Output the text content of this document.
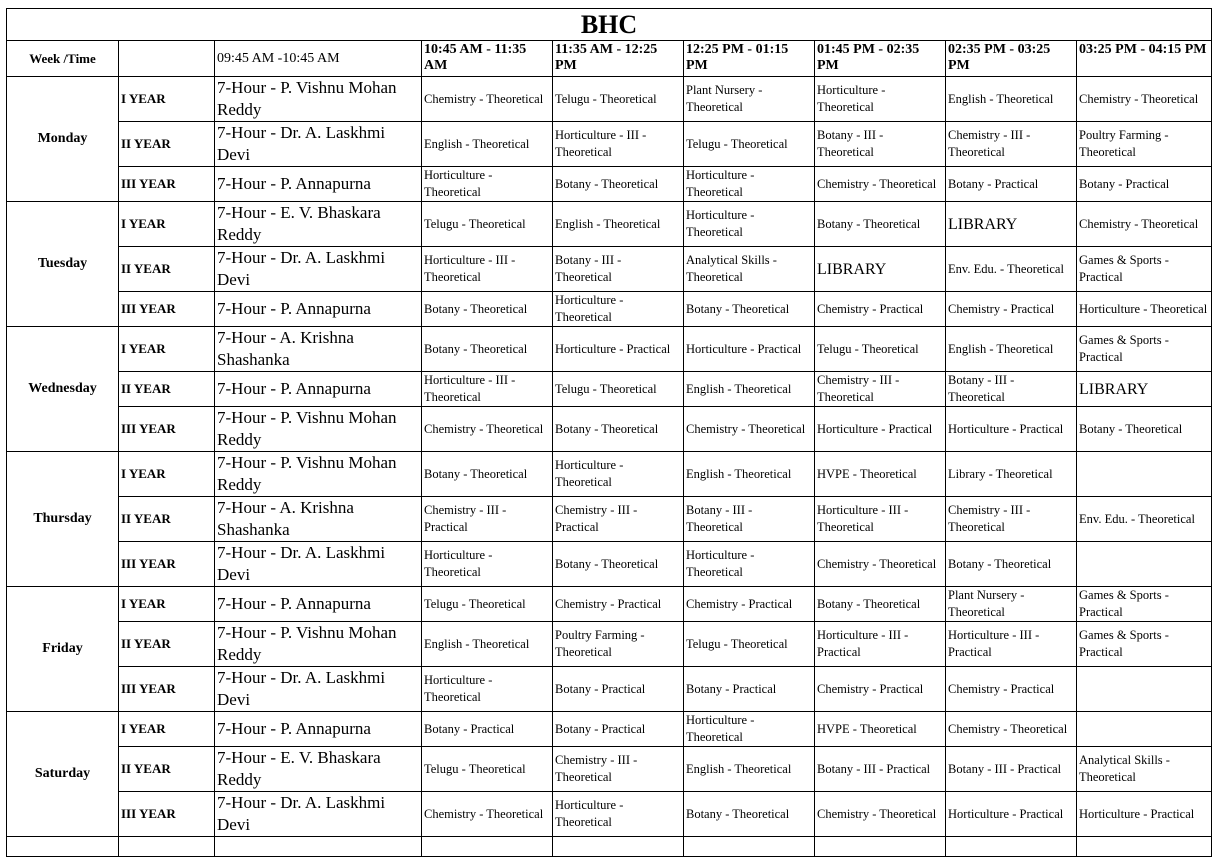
BHC								
Week /Time		09:45 AM -10:45 AM	10:45 AM - 11:35 AM	11:35 AM - 12:25 PM	12:25 PM - 01:15 PM	01:45 PM - 02:35 PM	02:35 PM - 03:25 PM	03:25 PM - 04:15 PM
Monday	I YEAR	7-Hour - P. Vishnu Mohan Reddy	Chemistry - Theoretical	Telugu - Theoretical	Plant Nursery - Theoretical	Horticulture - Theoretical	English - Theoretical	Chemistry - Theoretical
	II YEAR	7-Hour - Dr. A. Laskhmi Devi	English - Theoretical	Horticulture - III - Theoretical	Telugu - Theoretical	Botany - III - Theoretical	Chemistry - III - Theoretical	Poultry Farming - Theoretical
	III YEAR	7-Hour - P. Annapurna	Horticulture - Theoretical	Botany - Theoretical	Horticulture - Theoretical	Chemistry - Theoretical	Botany - Practical	Botany - Practical
Tuesday	I YEAR	7-Hour - E. V. Bhaskara Reddy	Telugu - Theoretical	English - Theoretical	Horticulture - Theoretical	Botany - Theoretical	LIBRARY	Chemistry - Theoretical
	II YEAR	7-Hour - Dr. A. Laskhmi Devi	Horticulture - III - Theoretical	Botany - III - Theoretical	Analytical Skills - Theoretical	LIBRARY	Env. Edu. - Theoretical	Games & Sports - Practical
	III YEAR	7-Hour - P. Annapurna	Botany - Theoretical	Horticulture - Theoretical	Botany - Theoretical	Chemistry - Practical	Chemistry - Practical	Horticulture - Theoretical
Wednesday	I YEAR	7-Hour - A. Krishna Shashanka	Botany - Theoretical	Horticulture - Practical	Horticulture - Practical	Telugu - Theoretical	English - Theoretical	Games & Sports - Practical
	II YEAR	7-Hour - P. Annapurna	Horticulture - III - Theoretical	Telugu - Theoretical	English - Theoretical	Chemistry - III - Theoretical	Botany - III - Theoretical	LIBRARY
	III YEAR	7-Hour - P. Vishnu Mohan Reddy	Chemistry - Theoretical	Botany - Theoretical	Chemistry - Theoretical	Horticulture - Practical	Horticulture - Practical	Botany - Theoretical
Thursday	I YEAR	7-Hour - P. Vishnu Mohan Reddy	Botany - Theoretical	Horticulture - Theoretical	English - Theoretical	HVPE - Theoretical	Library - Theoretical	
	II YEAR	7-Hour - A. Krishna Shashanka	Chemistry - III - Practical	Chemistry - III - Practical	Botany - III - Theoretical	Horticulture - III - Theoretical	Chemistry - III - Theoretical	Env. Edu. - Theoretical
	III YEAR	7-Hour - Dr. A. Laskhmi Devi	Horticulture - Theoretical	Botany - Theoretical	Horticulture - Theoretical	Chemistry - Theoretical	Botany - Theoretical	
Friday	I YEAR	7-Hour - P. Annapurna	Telugu - Theoretical	Chemistry - Practical	Chemistry - Practical	Botany - Theoretical	Plant Nursery - Theoretical	Games & Sports - Practical
	II YEAR	7-Hour - P. Vishnu Mohan Reddy	English - Theoretical	Poultry Farming - Theoretical	Telugu - Theoretical	Horticulture - III - Practical	Horticulture - III - Practical	Games & Sports - Practical
	III YEAR	7-Hour - Dr. A. Laskhmi Devi	Horticulture - Theoretical	Botany - Practical	Botany - Practical	Chemistry - Practical	Chemistry - Practical	
Saturday	I YEAR	7-Hour - P. Annapurna	Botany - Practical	Botany - Practical	Horticulture - Theoretical	HVPE - Theoretical	Chemistry - Theoretical	
	II YEAR	7-Hour - E. V. Bhaskara Reddy	Telugu - Theoretical	Chemistry - III - Theoretical	English - Theoretical	Botany - III - Practical	Botany - III - Practical	Analytical Skills - Theoretical
	III YEAR	7-Hour - Dr. A. Laskhmi Devi	Chemistry - Theoretical	Horticulture - Theoretical	Botany - Theoretical	Chemistry - Theoretical	Horticulture - Practical	Horticulture - Practical
